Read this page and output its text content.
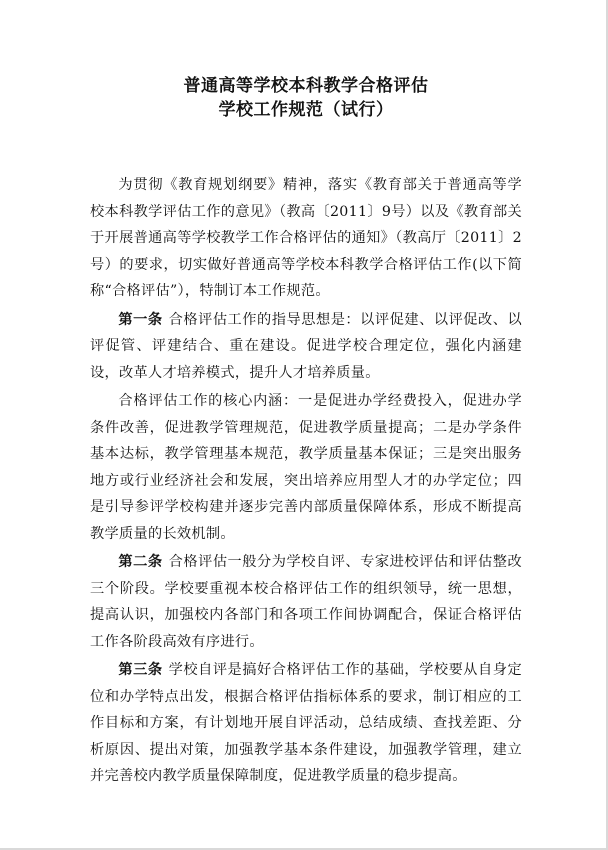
普通高等学校本科教学合格评估
学校工作规范（试行）

为贯彻《教育规划纲要》精神，落实《教育部关于普通高等学校本科教学评估工作的意见》（教高〔2011〕9号）以及《教育部关于开展普通高等学校教学工作合格评估的通知》（教高厅〔2011〕2号）的要求，切实做好普通高等学校本科教学合格评估工作(以下简称“合格评估”），特制订本工作规范。

第一条 合格评估工作的指导思想是：以评促建、以评促改、以评促管、评建结合、重在建设。促进学校合理定位，强化内涵建设，改革人才培养模式，提升人才培养质量。

合格评估工作的核心内涵：一是促进办学经费投入，促进办学条件改善，促进教学管理规范，促进教学质量提高；二是办学条件基本达标，教学管理基本规范，教学质量基本保证；三是突出服务地方或行业经济社会和发展，突出培养应用型人才的办学定位；四是引导参评学校构建并逐步完善内部质量保障体系，形成不断提高教学质量的长效机制。

第二条 合格评估一般分为学校自评、专家进校评估和评估整改三个阶段。学校要重视本校合格评估工作的组织领导，统一思想，提高认识，加强校内各部门和各项工作间协调配合，保证合格评估工作各阶段高效有序进行。

第三条 学校自评是搞好合格评估工作的基础，学校要从自身定位和办学特点出发，根据合格评估指标体系的要求，制订相应的工作目标和方案，有计划地开展自评活动，总结成绩、查找差距、分析原因、提出对策，加强教学基本条件建设，加强教学管理，建立并完善校内教学质量保障制度，促进教学质量的稳步提高。
